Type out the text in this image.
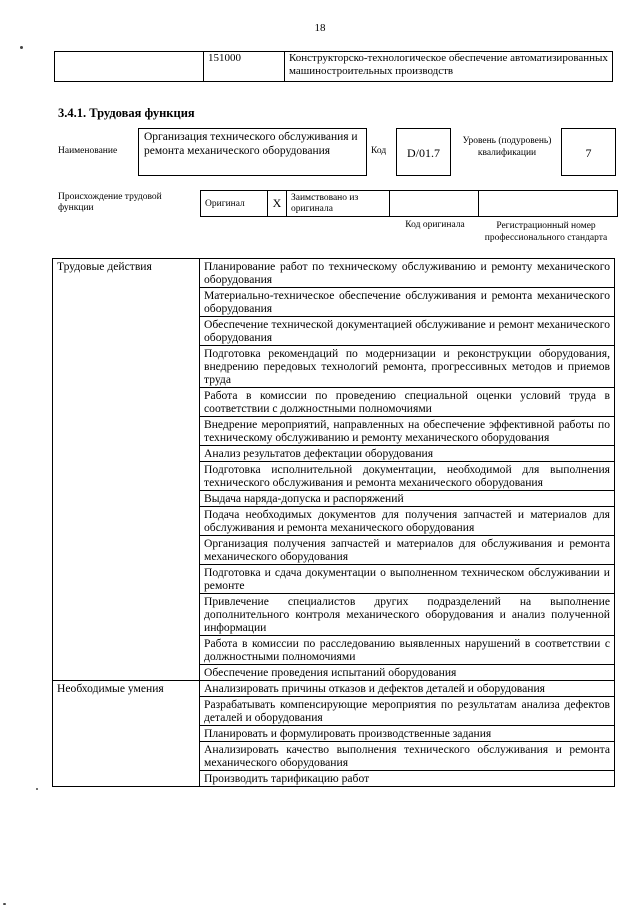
18
	151000	Конструкторско-технологическое обеспечение автоматизированных машиностроительных производств
3.4.1. Трудовая функция
Наименование
Организация технического обслуживания и ремонта механического оборудования	Код	D/01.7
Уровень (подуровень) квалификации	7
Происхождение трудовой функции	Оригинал	X	Заимствовано из оригинала		
Код оригинала	Регистрационный номер профессионального стандарта
Трудовые действия	Планирование работ по техническому обслуживанию и ремонту механического оборудования
	Материально-техническое обеспечение обслуживания и ремонта механического оборудования
	Обеспечение технической документацией обслуживание и ремонт механического оборудования
	Подготовка рекомендаций по модернизации и реконструкции оборудования, внедрению передовых технологий ремонта, прогрессивных методов и приемов труда
	Работа в комиссии по проведению специальной оценки условий труда в соответствии с должностными полномочиями
	Внедрение мероприятий, направленных на обеспечение эффективной работы по техническому обслуживанию и ремонту механического оборудования
	Анализ результатов дефектации оборудования
	Подготовка исполнительной документации, необходимой для выполнения технического обслуживания и ремонта механического оборудования
	Выдача наряда-допуска и распоряжений
	Подача необходимых документов для получения запчастей и материалов для обслуживания и ремонта механического оборудования
	Организация получения запчастей и материалов для обслуживания и ремонта механического оборудования
	Подготовка и сдача документации о выполненном техническом обслуживании и ремонте
	Привлечение специалистов других подразделений на выполнение дополнительного контроля механического оборудования и анализ полученной информации
	Работа в комиссии по расследованию выявленных нарушений в соответствии с должностными полномочиями
	Обеспечение проведения испытаний оборудования
Необходимые умения	Анализировать причины отказов и дефектов деталей и оборудования
	Разрабатывать компенсирующие мероприятия по результатам анализа дефектов деталей и оборудования
	Планировать и формулировать производственные задания
	Анализировать качество выполнения технического обслуживания и ремонта механического оборудования
	Производить тарификацию работ
